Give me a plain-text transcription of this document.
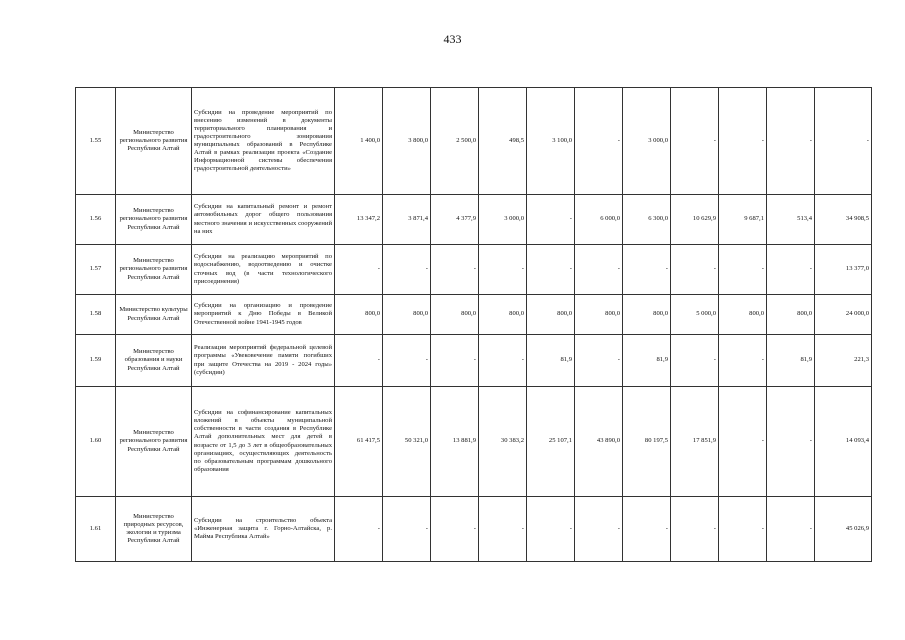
433
1.55	Министерство регионального развития Республики Алтай	Субсидии на проведение мероприятий по внесению изменений в документы территориального планирования и градостроительного зонирования муниципальных образований в Республике Алтай в рамках реализации проекта «Создание Информационной системы обеспечения градостроительной деятельности»	1 400,0	3 800,0	2 500,0	498,5	3 100,0	-	3 000,0	-	-	-	-
1.56	Министерство регионального развития Республики Алтай	Субсидии на капитальный ремонт и ремонт автомобильных дорог общего пользования местного значения и искусственных сооружений на них	13 347,2	3 871,4	4 377,9	3 000,0	-	6 000,0	6 300,0	10 629,9	9 687,1	513,4	34 908,5
1.57	Министерство регионального развития Республики Алтай	Субсидии на реализацию мероприятий по водоснабжению, водоотведению и очистке сточных вод (в части технологического присоединения)	-	-	-	-	-	-	-	-	-	-	13 377,0
1.58	Министерство культуры Республики Алтай	Субсидии на организацию и проведение мероприятий к Дню Победы в Великой Отечественной войне 1941-1945 годов	800,0	800,0	800,0	800,0	800,0	800,0	800,0	5 000,0	800,0	800,0	24 000,0
1.59	Министерство образования и науки Республики Алтай	Реализация мероприятий федеральной целевой программы «Увековечение памяти погибших при защите Отечества на 2019 - 2024 годы» (субсидии)	-	-	-	-	81,9	-	81,9	-	-	81,9	221,3
1.60	Министерство регионального развития Республики Алтай	Субсидии на софинансирование капитальных вложений в объекты муниципальной собственности в части создания в Республике Алтай дополнительных мест для детей в возрасте от 1,5 до 3 лет в общеобразовательных организациях, осуществляющих деятельность по образовательным программам дошкольного образования	61 417,5	50 321,0	13 881,9	30 383,2	25 107,1	43 890,0	80 197,5	17 851,9	-	-	14 093,4
1.61	Министерство природных ресурсов, экологии и туризма Республики Алтай	Субсидии на строительство объекта «Инженерная защита г. Горно-Алтайска, р. Майма Республика Алтай»	-	-	-	-	-	-	-	-	-	-	45 026,9
